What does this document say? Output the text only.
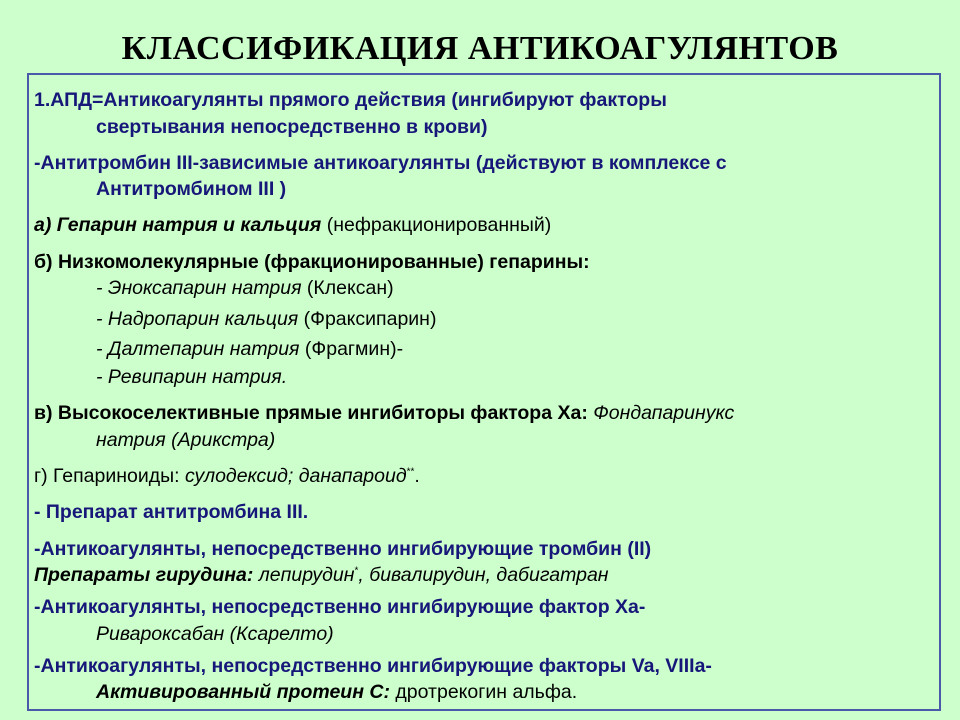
КЛАССИФИКАЦИЯ АНТИКОАГУЛЯНТОВ
1.АПД=Антикоагулянты прямого действия (ингибируют факторы
свертывания непосредственно в крови)
-Антитромбин III-зависимые антикоагулянты (действуют в комплексе с
Антитромбином III )
а) Гепарин натрия и кальция (нефракционированный)
б) Низкомолекулярные (фракционированные) гепарины:
- Эноксапарин натрия (Клексан)
- Надропарин кальция (Фраксипарин)
- Далтепарин натрия (Фрагмин)-
- Ревипарин натрия.
в) Высокоселективные прямые ингибиторы фактора Ха: Фондапаринукс
натрия (Арикстра)
г) Гепариноиды: сулодексид; данапароид**.
- Препарат антитромбина III.
-Антикоагулянты, непосредственно ингибирующие тромбин (II)
Препараты гирудина: лепирудин*, бивалирудин, дабигатран
-Антикоагулянты, непосредственно ингибирующие фактор Ха-
Ривароксабан (Ксарелто)
-Антикоагулянты, непосредственно ингибирующие факторы Va, VIIIa-
Активированный протеин С: дротрекогин альфа.
